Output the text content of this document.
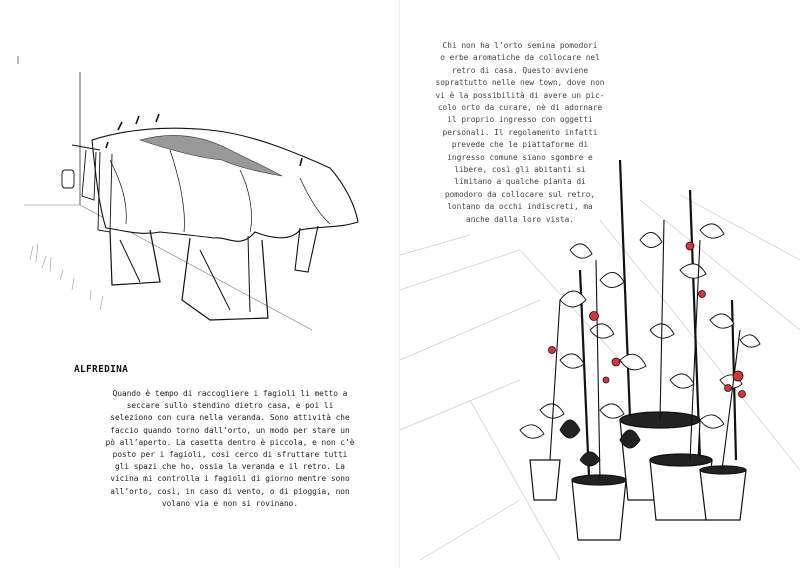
ALFREDINA
Quando è tempo di raccogliere i fagioli li metto a
seccare sullo stendino dietro casa, e poi li
seleziono con cura nella veranda. Sono attività che
faccio quando torno dall’orto, un modo per stare un
pò all’aperto. La casetta dentro è piccola, e non c’è
posto per i fagioli, così cerco di sfruttare tutti
gli spazi che ho, ossia la veranda e il retro. La
vicina mi controlla i fagioli di giorno mentre sono
all’orto, così, in caso di vento, o di pioggia, non
volano via e non si rovinano.
Chi non ha l’orto semina pomodori
o erbe aromatiche da collocare nel
retro di casa. Questo avviene
soprattutto nelle new town, dove non
vi è la possibilità di avere un pic-
colo orto da curare, nè di adornare
il proprio ingresso con oggetti
personali. Il regolamento infatti
prevede che le piattaforme di
ingresso comune siano sgombre e
libere, così gli abitanti si
limitano a qualche pianta di
pomodoro da collocare sul retro,
lontano da occhi indiscreti, ma
anche dalla loro vista.
